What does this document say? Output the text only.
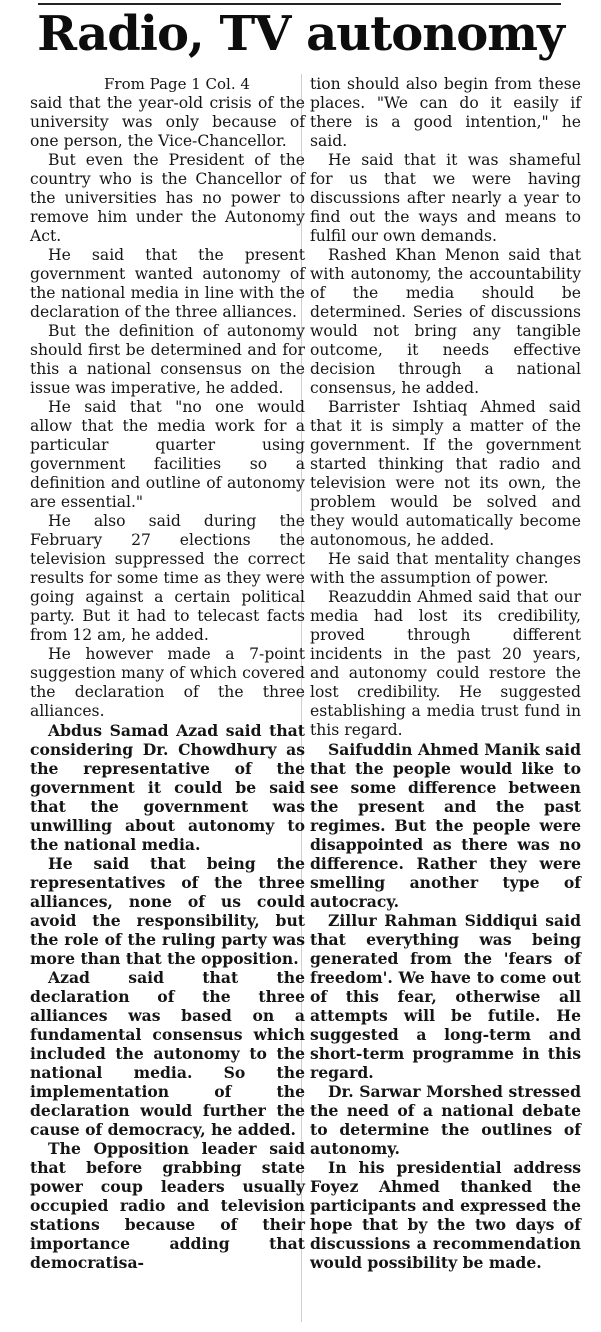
Radio, TV autonomy

From Page 1 Col. 4

said that the year-old crisis of the university was only because of one person, the Vice-Chancellor.

But even the President of the country who is the Chancellor of the universities has no power to remove him under the Autonomy Act.

He said that the present government wanted autonomy of the national media in line with the declaration of the three alliances.

But the definition of autonomy should first be determined and for this a national consensus on the issue was imperative, he added.

He said that "no one would allow that the media work for a particular quarter using government facilities so a definition and outline of autonomy are essential."

He also said during the February 27 elections the television suppressed the correct results for some time as they were going against a certain political party. But it had to telecast facts from 12 am, he added.

He however made a 7-point suggestion many of which covered the declaration of the three alliances.

Abdus Samad Azad said that considering Dr. Chowdhury as the representative of the government it could be said that the government was unwilling about autonomy to the national media.

He said that being the representatives of the three alliances, none of us could avoid the responsibility, but the role of the ruling party was more than that the opposition.

Azad said that the declaration of the three alliances was based on a fundamental consensus which included the autonomy to the national media. So the implementation of the declaration would further the cause of democracy, he added.

The Opposition leader said that before grabbing state power coup leaders usually occupied radio and television stations because of their importance adding that democratisa-

tion should also begin from these places. "We can do it easily if there is a good intention," he said.

He said that it was shameful for us that we were having discussions after nearly a year to find out the ways and means to fulfil our own demands.

Rashed Khan Menon said that with autonomy, the accountability of the media should be determined. Series of discussions would not bring any tangible outcome, it needs effective decision through a national consensus, he added.

Barrister Ishtiaq Ahmed said that it is simply a matter of the government. If the government started thinking that radio and television were not its own, the problem would be solved and they would automatically become autonomous, he added.

He said that mentality changes with the assumption of power.

Reazuddin Ahmed said that our media had lost its credibility, proved through different incidents in the past 20 years, and autonomy could restore the lost credibility. He suggested establishing a media trust fund in this regard.

Saifuddin Ahmed Manik said that the people would like to see some difference between the present and the past regimes. But the people were disappointed as there was no difference. Rather they were smelling another type of autocracy.

Zillur Rahman Siddiqui said that everything was being generated from the 'fears of freedom'. We have to come out of this fear, otherwise all attempts will be futile. He suggested a long-term and short-term programme in this regard.

Dr. Sarwar Morshed stressed the need of a national debate to determine the outlines of autonomy.

In his presidential address Foyez Ahmed thanked the participants and expressed the hope that by the two days of discussions a recommendation would possibility be made.
